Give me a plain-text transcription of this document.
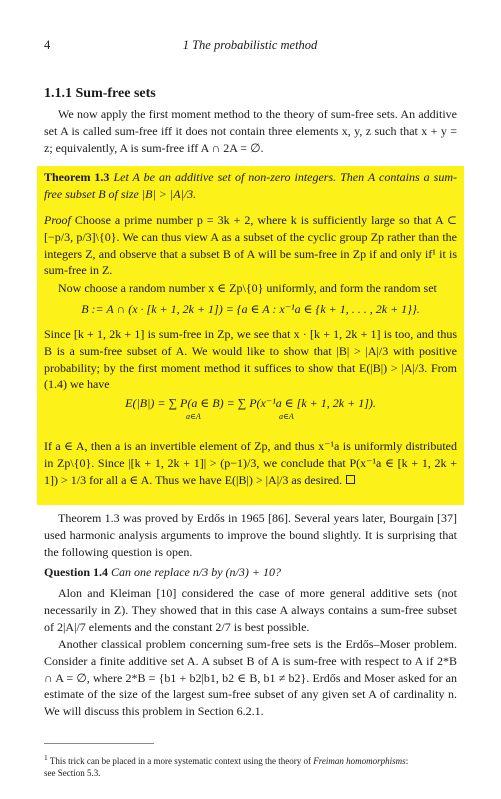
4	1 The probabilistic method
1.1.1 Sum-free sets
We now apply the first moment method to the theory of sum-free sets. An additive set A is called sum-free iff it does not contain three elements x, y, z such that x + y = z; equivalently, A is sum-free iff A ∩ 2A = ∅.
Theorem 1.3 Let A be an additive set of non-zero integers. Then A contains a sum-free subset B of size |B| > |A|/3.
Proof Choose a prime number p = 3k + 2, where k is sufficiently large so that A ⊂ [−p/3, p/3]\{0}. We can thus view A as a subset of the cyclic group Zp rather than the integers Z, and observe that a subset B of A will be sum-free in Zp if and only if¹ it is sum-free in Z.
Now choose a random number x ∈ Zp\{0} uniformly, and form the random set
B := A ∩ (x · [k + 1, 2k + 1]) = {a ∈ A : x⁻¹a ∈ {k + 1, . . . , 2k + 1}}.
Since [k + 1, 2k + 1] is sum-free in Zp, we see that x · [k + 1, 2k + 1] is too, and thus B is a sum-free subset of A. We would like to show that |B| > |A|/3 with positive probability; by the first moment method it suffices to show that E(|B|) > |A|/3. From (1.4) we have
E(|B|) = ∑ P(a ∈ B) = ∑ P(x⁻¹a ∈ [k + 1, 2k + 1]).
a∈A	a∈A
If a ∈ A, then a is an invertible element of Zp, and thus x⁻¹a is uniformly distributed in Zp\{0}. Since |[k + 1, 2k + 1]| > (p−1)/3, we conclude that P(x⁻¹a ∈ [k + 1, 2k + 1]) > 1/3 for all a ∈ A. Thus we have E(|B|) > |A|/3 as desired.
Theorem 1.3 was proved by Erdős in 1965 [86]. Several years later, Bourgain [37] used harmonic analysis arguments to improve the bound slightly. It is surprising that the following question is open.
Question 1.4 Can one replace n/3 by (n/3) + 10?
Alon and Kleiman [10] considered the case of more general additive sets (not necessarily in Z). They showed that in this case A always contains a sum-free subset of 2|A|/7 elements and the constant 2/7 is best possible.
Another classical problem concerning sum-free sets is the Erdős–Moser problem. Consider a finite additive set A. A subset B of A is sum-free with respect to A if 2*B ∩ A = ∅, where 2*B = {b1 + b2|b1, b2 ∈ B, b1 ≠ b2}. Erdős and Moser asked for an estimate of the size of the largest sum-free subset of any given set A of cardinality n. We will discuss this problem in Section 6.2.1.
$^1$ This trick can be placed in a more systematic context using the theory of Freiman homomorphisms:
see Section 5.3.
